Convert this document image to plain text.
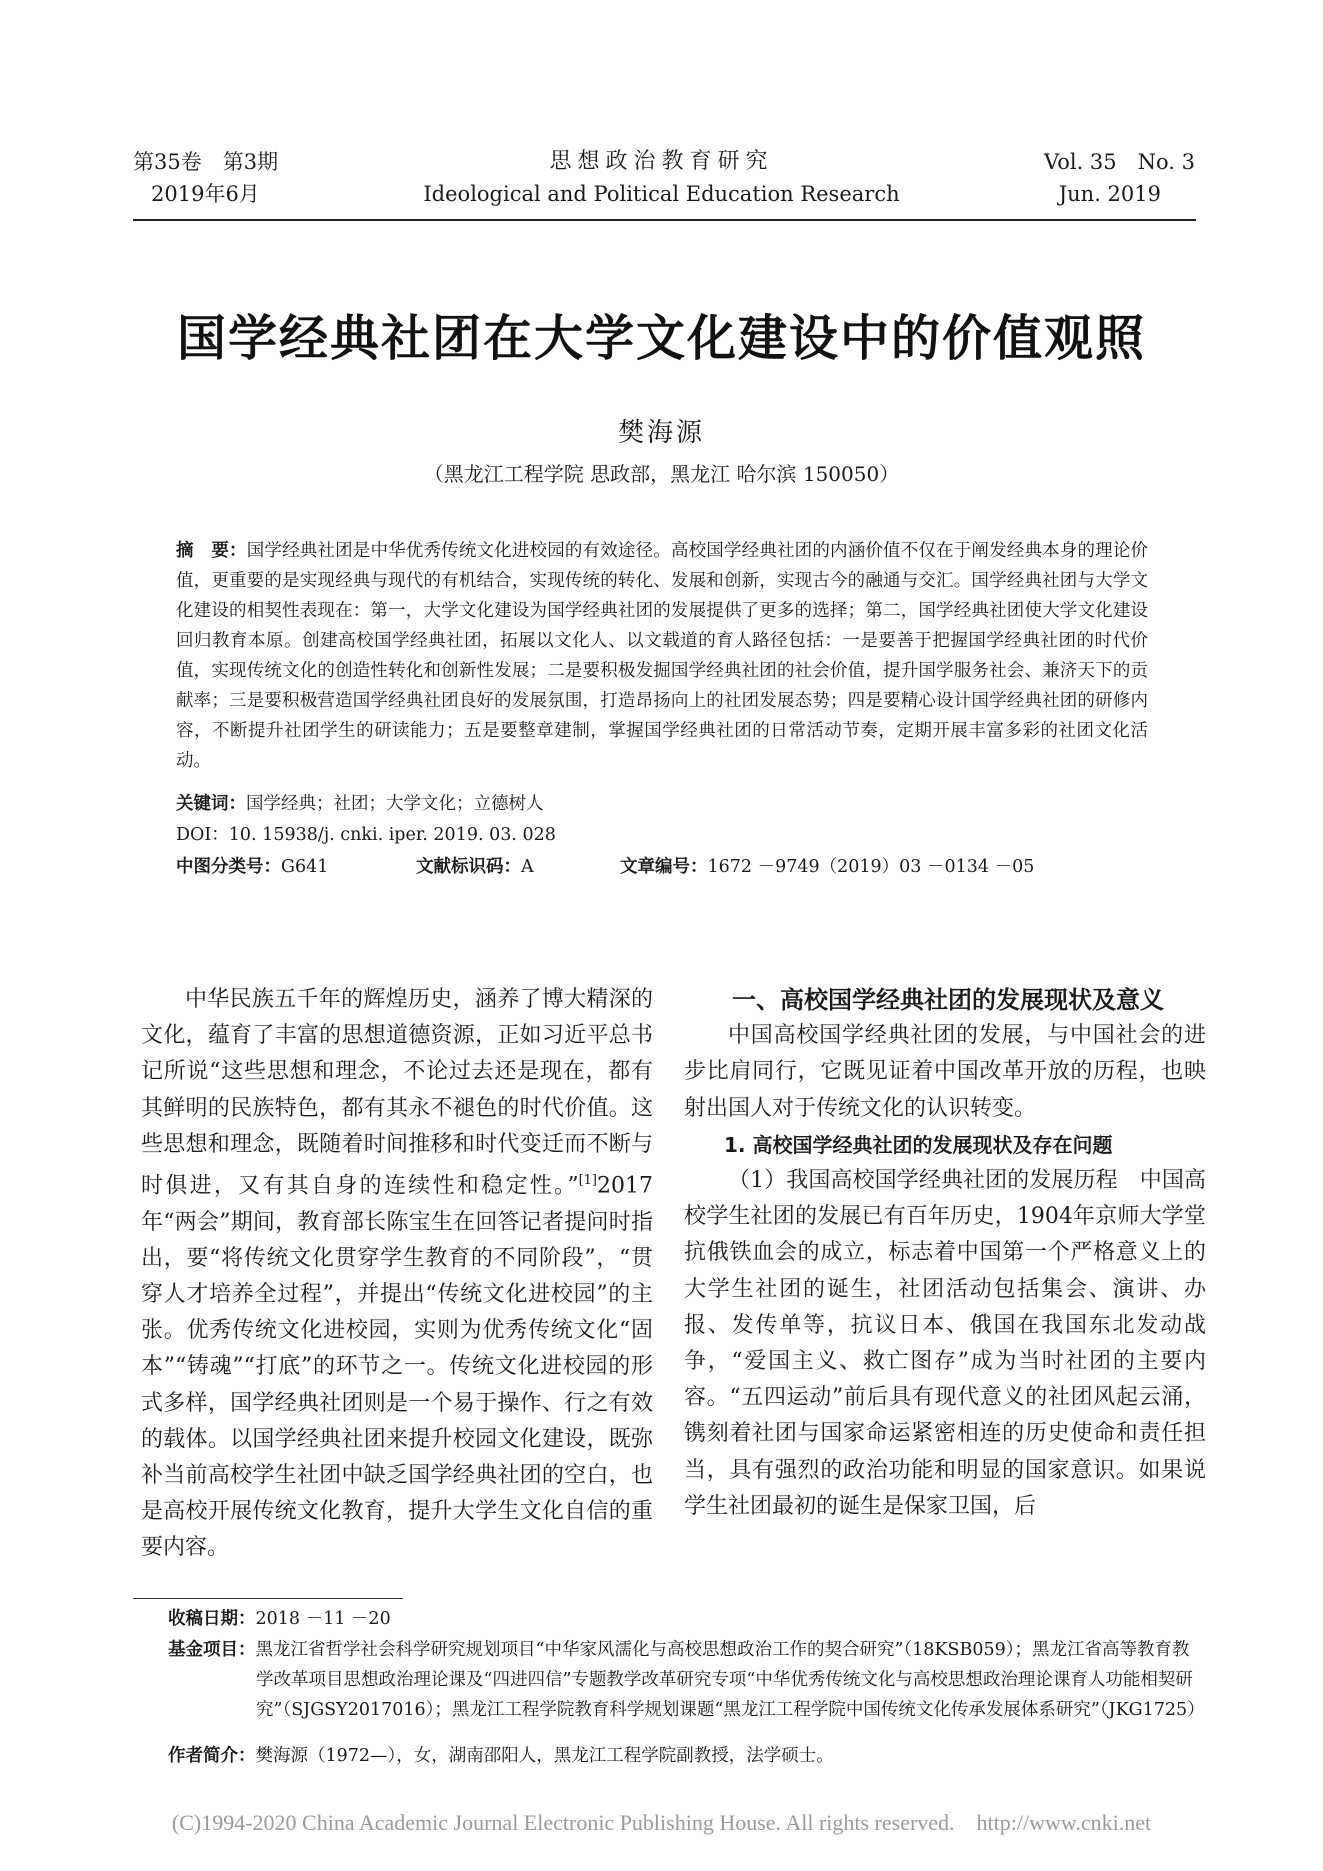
第35卷　第3期
2019年6月
思想政治教育研究
Ideological and Political Education Research
Vol. 35　No. 3
Jun. 2019
国学经典社团在大学文化建设中的价值观照
樊海源
（黑龙江工程学院 思政部，黑龙江 哈尔滨 150050）

摘　要：国学经典社团是中华优秀传统文化进校园的有效途径。高校国学经典社团的内涵价值不仅在于阐发经典本身的理论价值，更重要的是实现经典与现代的有机结合，实现传统的转化、发展和创新，实现古今的融通与交汇。国学经典社团与大学文化建设的相契性表现在：第一，大学文化建设为国学经典社团的发展提供了更多的选择；第二，国学经典社团使大学文化建设回归教育本原。创建高校国学经典社团，拓展以文化人、以文载道的育人路径包括：一是要善于把握国学经典社团的时代价值，实现传统文化的创造性转化和创新性发展；二是要积极发掘国学经典社团的社会价值，提升国学服务社会、兼济天下的贡献率；三是要积极营造国学经典社团良好的发展氛围，打造昂扬向上的社团发展态势；四是要精心设计国学经典社团的研修内容，不断提升社团学生的研读能力；五是要整章建制，掌握国学经典社团的日常活动节奏，定期开展丰富多彩的社团文化活动。

关键词：国学经典；社团；大学文化；立德树人
DOI：10. 15938/j. cnki. iper. 2019. 03. 028
中图分类号：G641	文献标识码：A	文章编号：1672 －9749（2019）03 －0134 －05

中华民族五千年的辉煌历史，涵养了博大精深的文化，蕴育了丰富的思想道德资源，正如习近平总书记所说“这些思想和理念，不论过去还是现在，都有其鲜明的民族特色，都有其永不褪色的时代价值。这些思想和理念，既随着时间推移和时代变迁而不断与时俱进，又有其自身的连续性和稳定性。”[1]2017年“两会”期间，教育部长陈宝生在回答记者提问时指出，要“将传统文化贯穿学生教育的不同阶段”，“贯穿人才培养全过程”，并提出“传统文化进校园”的主张。优秀传统文化进校园，实则为优秀传统文化“固本”“铸魂”“打底”的环节之一。传统文化进校园的形式多样，国学经典社团则是一个易于操作、行之有效的载体。以国学经典社团来提升校园文化建设，既弥补当前高校学生社团中缺乏国学经典社团的空白，也是高校开展传统文化教育，提升大学生文化自信的重要内容。

一、高校国学经典社团的发展现状及意义

中国高校国学经典社团的发展，与中国社会的进步比肩同行，它既见证着中国改革开放的历程，也映射出国人对于传统文化的认识转变。

1. 高校国学经典社团的发展现状及存在问题

（1）我国高校国学经典社团的发展历程　中国高校学生社团的发展已有百年历史，1904年京师大学堂抗俄铁血会的成立，标志着中国第一个严格意义上的大学生社团的诞生，社团活动包括集会、演讲、办报、发传单等，抗议日本、俄国在我国东北发动战争，“爱国主义、救亡图存”成为当时社团的主要内容。“五四运动”前后具有现代意义的社团风起云涌，镌刻着社团与国家命运紧密相连的历史使命和责任担当，具有强烈的政治功能和明显的国家意识。如果说学生社团最初的诞生是保家卫国，后

收稿日期：2018 －11 －20
基金项目：黑龙江省哲学社会科学研究规划项目“中华家风濡化与高校思想政治工作的契合研究”（18KSB059）；黑龙江省高等教育教学改革项目思想政治理论课及“四进四信”专题教学改革研究专项“中华优秀传统文化与高校思想政治理论课育人功能相契研究”（SJGSY2017016）；黑龙江工程学院教育科学规划课题“黑龙江工程学院中国传统文化传承发展体系研究”（JKG1725）
作者简介：樊海源（1972—），女，湖南邵阳人，黑龙江工程学院副教授，法学硕士。
(C)1994-2020 China Academic Journal Electronic Publishing House. All rights reserved.    http://www.cnki.net
